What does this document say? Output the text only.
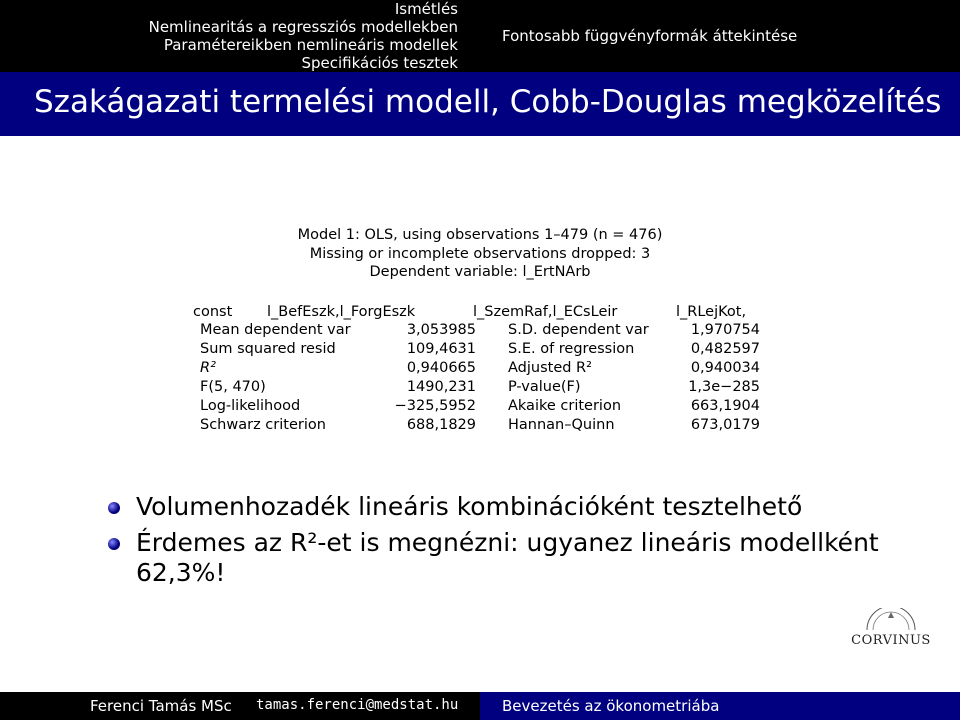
Ismétlés
Nemlinearitás a regressziós modellekben
Paramétereikben nemlineáris modellek
Specifikációs tesztek
Fontosabb függvényformák áttekintése
Szakágazati termelési modell, Cobb-Douglas megközelítés
Model 1: OLS, using observations 1–479 (n = 476)
Missing or incomplete observations dropped: 3
Dependent variable: l_ErtNArb
const l_BefEszk,l_ForgEszk	l_SzemRaf,l_ECsLeir	l_RLejKot,
Mean dependent var	3,053985 S.D. dependent var	1,970754
Sum squared resid	109,4631 S.E. of regression	0,482597
R²	0,940665 Adjusted R²	0,940034
F(5, 470)	1490,231 P-value(F)	1,3e−285
Log-likelihood	−325,5952 Akaike criterion	663,1904
Schwarz criterion	688,1829 Hannan–Quinn	673,0179
Volumenhozadék lineáris kombinációként tesztelhető
Érdemes az R²-et is megnézni: ugyanez lineáris modellként 62,3%!
CORVINUS
Ferenci Tamás MSc tamas.ferenci@medstat.hu	Bevezetés az ökonometriába
